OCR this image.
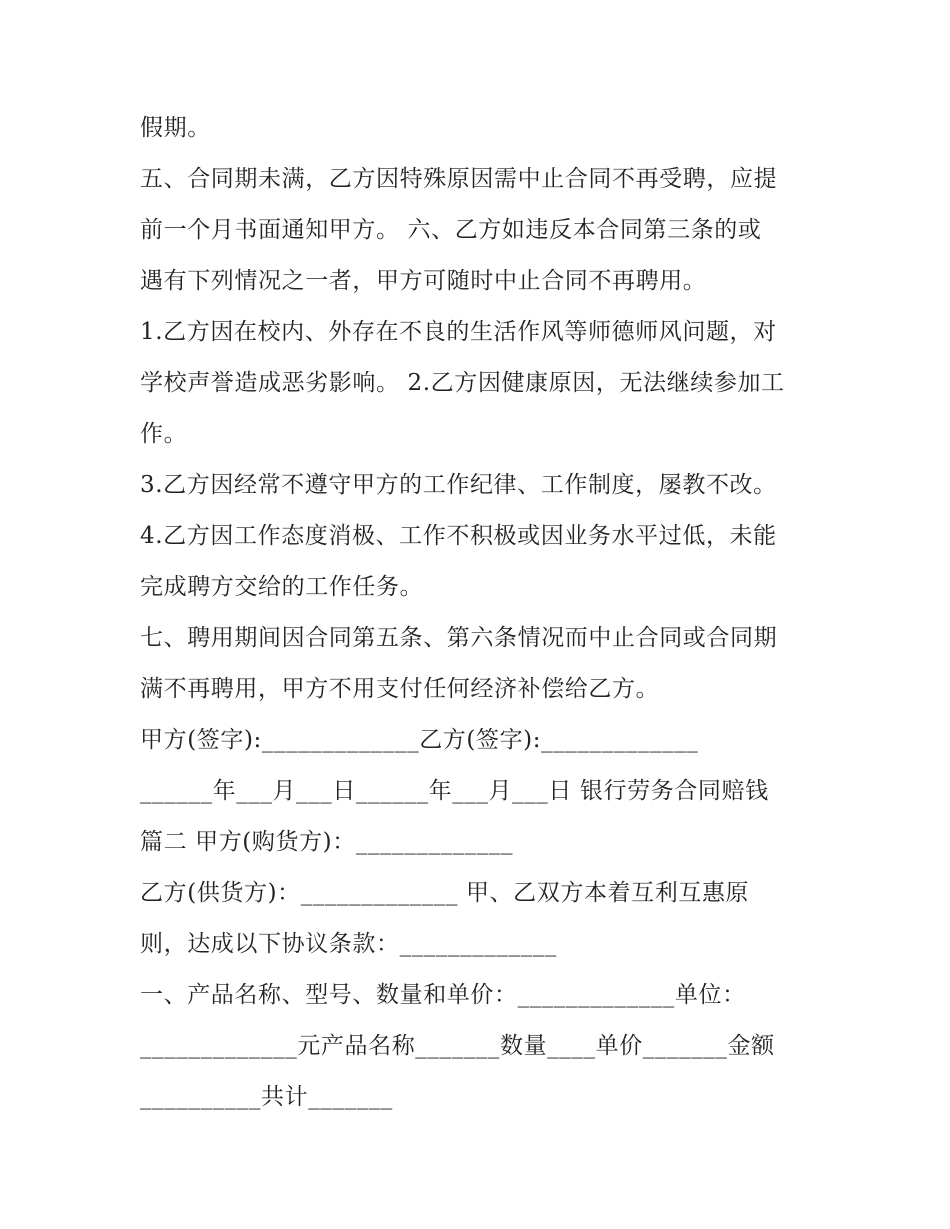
假期。
五、合同期未满，乙方因特殊原因需中止合同不再受聘，应提
前一个月书面通知甲方。 六、乙方如违反本合同第三条的或
遇有下列情况之一者，甲方可随时中止合同不再聘用。
1.乙方因在校内、外存在不良的生活作风等师德师风问题，对
学校声誉造成恶劣影响。 2.乙方因健康原因，无法继续参加工
作。
3.乙方因经常不遵守甲方的工作纪律、工作制度，屡教不改。
4.乙方因工作态度消极、工作不积极或因业务水平过低，未能
完成聘方交给的工作任务。
七、聘用期间因合同第五条、第六条情况而中止合同或合同期
满不再聘用，甲方不用支付任何经济补偿给乙方。
甲方(签字):_____________乙方(签字):_____________
______年___月___日______年___月___日 银行劳务合同赔钱
篇二 甲方(购货方)：_____________
乙方(供货方)：_____________ 甲、乙双方本着互利互惠原
则，达成以下协议条款：_____________
一、产品名称、型号、数量和单价：_____________单位：
_____________元产品名称_______数量____单价_______金额
__________共计_______
